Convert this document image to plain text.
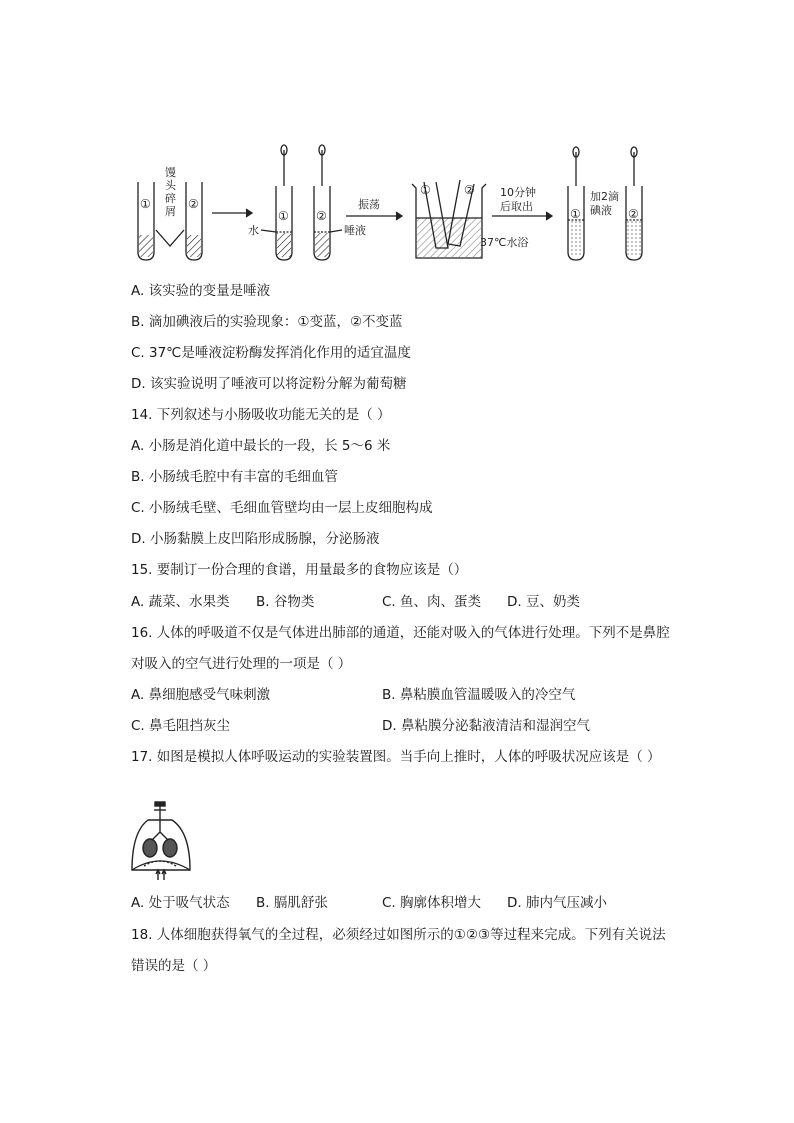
馒
头
碎
屑
①	②
① ②
水	唾液
振荡
①	②
37℃水浴
10分钟
后取出
①	②
加2滴
碘液
A. 该实验的变量是唾液
B. 滴加碘液后的实验现象：①变蓝，②不变蓝
C. 37℃是唾液淀粉酶发挥消化作用的适宜温度
D. 该实验说明了唾液可以将淀粉分解为葡萄糖
14. 下列叙述与小肠吸收功能无关的是（ ）
A. 小肠是消化道中最长的一段，长 5～6 米
B. 小肠绒毛腔中有丰富的毛细血管
C. 小肠绒毛壁、毛细血管壁均由一层上皮细胞构成
D. 小肠黏膜上皮凹陷形成肠腺，分泌肠液
15. 要制订一份合理的食谱，用量最多的食物应该是（）
A. 蔬菜、水果类 B. 谷物类	C. 鱼、肉、蛋类 D. 豆、奶类
16. 人体的呼吸道不仅是气体进出肺部的通道，还能对吸入的气体进行处理。下列不是鼻腔
对吸入的空气进行处理的一项是（ ）
A. 鼻细胞感受气味刺激	B. 鼻粘膜血管温暖吸入的冷空气
C. 鼻毛阻挡灰尘	D. 鼻粘膜分泌黏液清洁和湿润空气
17. 如图是模拟人体呼吸运动的实验装置图。当手向上推时，人体的呼吸状况应该是（ ）
A. 处于吸气状态 B. 膈肌舒张	C. 胸廓体积增大 D. 肺内气压减小
18. 人体细胞获得氧气的全过程，必须经过如图所示的①②③等过程来完成。下列有关说法
错误的是（ ）
